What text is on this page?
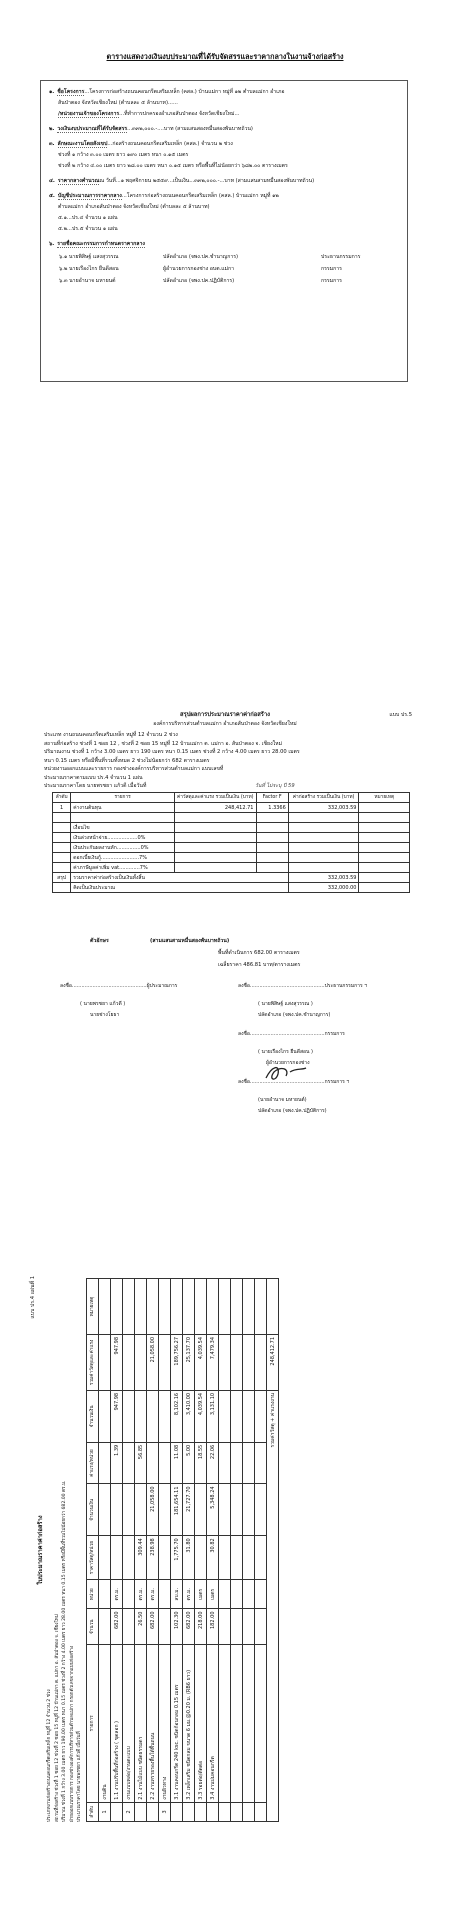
ตารางแสดงวงเงินงบประมาณที่ได้รับจัดสรรและราคากลางในงานจ้างก่อสร้าง
๑. ชื่อโครงการ...โครงการก่อสร้างถนนคอนกรีตเสริมเหล็ก (คสล.) บ้านแม่กา หมู่ที่ ๑๒ ตำบลแม่กา อำเภอ
สันป่าตอง จังหวัดเชียงใหม่ (ตำบลละ ๕ ล้านบาท)......
/หน่วยงานเจ้าของโครงการ...ที่ทำการปกครองอำเภอสันป่าตอง จังหวัดเชียงใหม่...
๒. วงเงินงบประมาณที่ได้รับจัดสรร...๓๓๒,๐๐๐.-....บาท (สามแสนสองหมื่นสองพันบาทถ้วน)
๓. ลักษณะงานโดยสังเขป...ก่อสร้างถนนคอนกรีตเสริมเหล็ก (คสล.) จำนวน ๒ ช่วง
ช่วงที่ ๑ กว้าง ๓.๐๐ เมตร ยาว ๑๙๐ เมตร หนา ๐.๑๕ เมตร
ช่วงที่ ๒ กว้าง ๔.๐๐ เมตร ยาว ๒๘.๐๐ เมตร หนา ๐.๑๕ เมตร หรือพื้นที่ไม่น้อยกว่า ๖๘๒.๐๐ ตารางเมตร
๔. ราคากลางคำนวณณ วันที่...๑ พฤศจิกายน ๒๕๕๙...เป็นเงิน...๓๓๒,๐๐๐.-...บาท (สามแสนสามหมื่นสองพันบาทถ้วน)
๕. บัญชีประมาณการราคากลาง...โครงการก่อสร้างถนนคอนกรีตเสริมเหล็ก (คสล.) บ้านแม่กา หมู่ที่ ๑๒
ตำบลแม่กา อำเภอสันป่าตอง จังหวัดเชียงใหม่ (ตำบลละ ๕ ล้านบาท)
๕.๑...ปร.๔ จำนวน ๑ แผ่น
๕.๒...ปร.๕ จำนวน ๑ แผ่น
๖. รายชื่อคณะกรรมการกำหนดราคากลาง
๖.๑ นายพิสิษฐ์ แสงสุวรรณ	ปลัดอำเภอ (จพง.ปค.ชำนาญการ)	ประธานกรรมการ
๖.๒ นายเรืองไกร ยืนดีสอน	ผู้อำนวยการกองช่าง อบต.แม่กา	กรรมการ
๖.๓ นายอำนาจ มหายนต์	ปลัดอำเภอ (จพง.ปค.ปฏิบัติการ)	กรรมการ
แบบ ปร.5
สรุปผลการประมาณราคาค่าก่อสร้าง
องค์การบริหารส่วนตำบลแม่กา อำเภอสันป่าตอง จังหวัดเชียงใหม่
ประเภท งานถนนคอนกรีตเสริมเหล็ก หมู่ที่ 12 จำนวน 2 ช่วง
สถานที่ก่อสร้าง ช่วงที่ 1 ซอย 12 , ช่วงที่ 2 ซอย 15 หมู่ที่ 12 บ้านแม่กา ต. แม่กา อ. สันป่าตอง จ. เชียงใหม่
ปริมาณงาน ช่วงที่ 1 กว้าง 3.00 เมตร ยาว 190 เมตร หนา 0.15 เมตร ช่วงที่ 2 กว้าง 4.00 เมตร ยาว 28.00 เมตร
หนา 0.15 เมตร หรือมีพื้นที่รวมทั้งหมด 2 ช่วงไม่น้อยกว่า 682 ตารางเมตร
หน่วยงานออกแบบและรายการ กองช่างองค์การบริหารส่วนตำบลแม่กา แบบเลขที่
ประมาณราคาตามแบบ ปร.4 จำนวน 1 แผ่น
ประมาณราคาโดย นายพรชยา แก้วดี เมื่อวันที่	วันที่ ไม่ระบุ ปี 59
ลำดับ	รายการ	ค่าวัสดุและค่าแรง รวมเป็นเงิน (บาท)	Factor F	ค่าก่อสร้าง รวมเป็นเงิน (บาท)	หมายเหตุ
1	ค่างานต้นทุน	248,412.71	1.3366	332,003.59	

	เงื่อนไข				
	เงินล่วงหน้าจ่าย...................0%				
	เงินประกันผลงานหัก...............0%				
	ดอกเบี้ยเงินกู้........................7%				
	ค่าภาษีมูลค่าเพิ่ม vat.............7%				
สรุป	รวมราคาค่าก่อสร้างเป็นเงินทั้งสิ้น			332,003.59	
	คิดเป็นเงินประมาณ			332,000.00	
ตัวอักษร	(สามแสนสามหมื่นสองพันบาทถ้วน)
พื้นที่ดำเนินการ 682.00 ตารางเมตร
เฉลี่ยราคา 486.81 บาท/ตารางเมตร
ลงชื่อ...............................................ผู้ประมาณการ
( นายพรชยา แก้วดี )
นายช่างโยธา
ลงชื่อ...............................................ประธานกรรมการ ฯ
( นายพิสิษฐ์ แสงสุวรรณ )
ปลัดอำเภอ (จพง.ปค.ชำนาญการ)
ลงชื่อ...............................................กรรมการ
( นายเรืองไกร ยืนดีสอน )
ผู้อำนวยการกองช่าง
ลงชื่อ...............................................กรรมการ ฯ
(นายอำนาจ มหายนต์)
ปลัดอำเภอ (จพง.ปค.ปฏิบัติการ)
แบบ ปร.4 แผ่นที่ 1
ใบประมาณราคาค่าก่อสร้าง
ประเภทงานก่อสร้างถนนคอนกรีตเสริมเหล็ก หมู่ที่ 12 จำนวน 2 ช่วง สถานที่ก่อสร้าง ช่วงที่ 1 ซอย 12 ช่วงที่ 2 ซอย 15 หมู่ที่ 12 บ้านแม่กา ต. แม่กา อ. สันป่าตอง จ. เชียงใหม่ ปริมาณ ช่วงที่ 1 กว้าง 3.00 เมตร ยาว 190.00 เมตร หนา 0.15 เมตร ช่วงที่ 2 กว้าง 4.00 เมตร ยาว 28.00 เมตร หนา 0.15 เมตร หรือมีพื้นที่รวมไม่น้อยกว่า 682.00 ตร.ม. ฝ่ายออกแบบรายการ กองช่างองค์การบริหารส่วนตำบลแม่กา กรอกตัวเลขจากแบบก่อสร้าง ประมาณราคาโดย นายพรชยา แก้วดี เมื่อวันที่ ลำดับ	รายการ	จำนวน	หน่วย	ราคาวัสดุ/หน่วย	จำนวนเงิน	ค่าแรง/หน่วย	จำนวนเงิน	รวมค่าวัสดุและค่าแรง	หมายเหตุ
1	งานดิน								
	1.1 งานปรับพื้นที่ก่อสร้าง ( ขุดลอก )	682.00	ตร.ม.			1.39	947.98	947.98	
2	งานแบบหล่อ/งานตะแบบ								
	2.1 งานไม้แบบ ชนิดธรรมดา	26.50	ตร.ม.	309.44		56.85			
	2.2 งานทรายรองพื้นใต้พื้นถนน	682.00	ตร.ม.	238.98	21,058.00			21,058.00	
3	งานผิวทาง								
	3.1 งานคอนกรีต 240 ksc. ชนิดก้อนกลม 0.15 เมตร	102.30	ลบ.ม.	1,775.70	181,654.11	11.08	8,102.16	189,756.27	
	3.2 เหล็กเสริม ชนิดกลม ขนาด 6 มม.@0.20 ม. (RB6 ยาว)	682.00	ตร.ม.	31.80	21,727.70	5.00	3,410.00	25,137.70	
	3.3 รอยต่อ/ตัดต่อ	218.00	เมตร			18.55	4,039.54	4,039.54	
	3.4 งานบ่มคอนกรีต	182.00	เมตร	30.82	5,348.24	22.06	3,131.10	7,479.34	

รวมค่าวัสดุ + ค่าแรงงาน								248,412.71	
